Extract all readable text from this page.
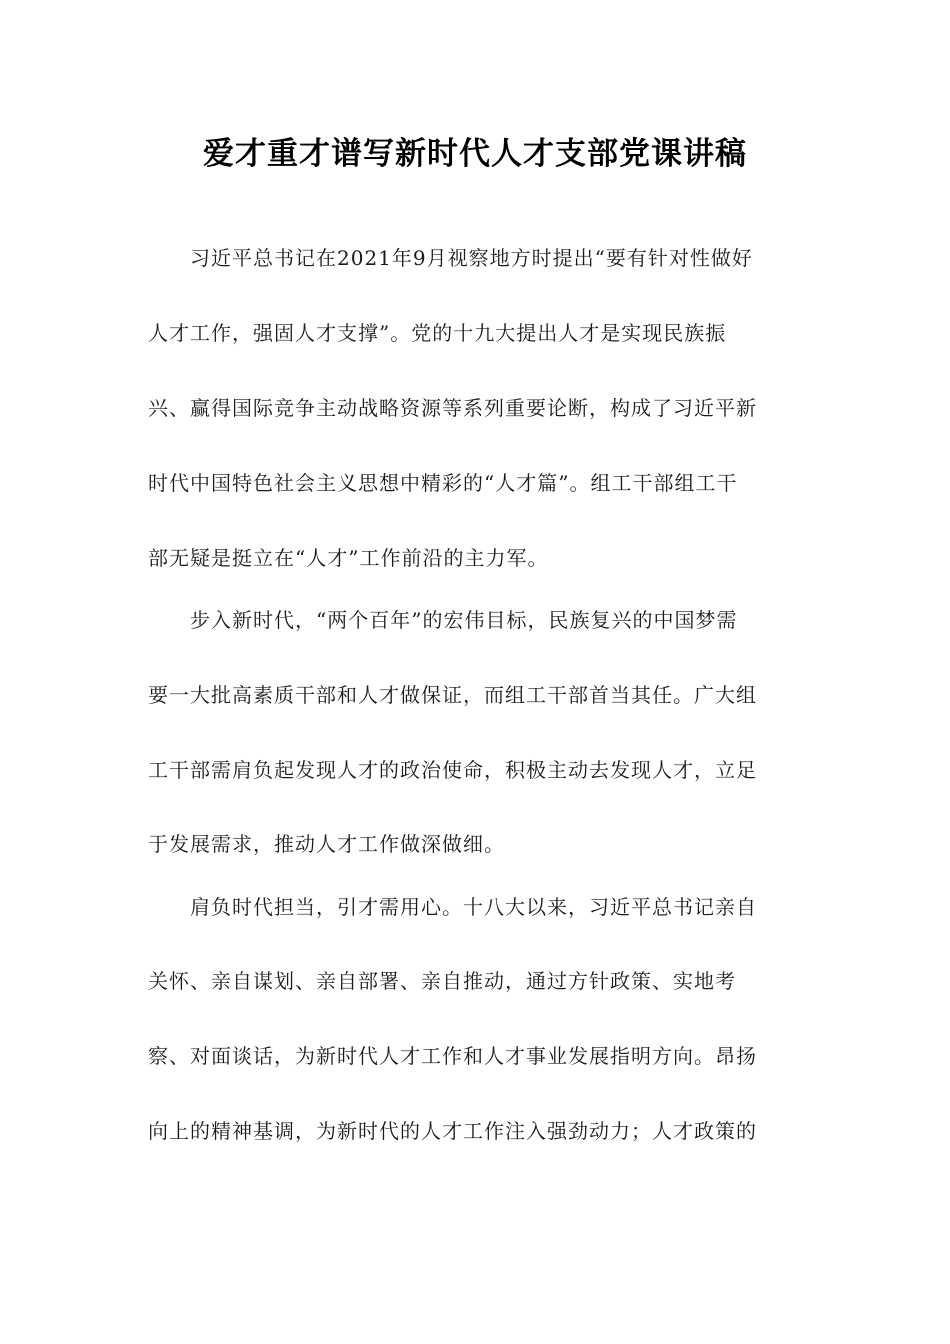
爱才重才谱写新时代人才支部党课讲稿
习近平总书记在2021年9月视察地方时提出“要有针对性做好
人才工作，强固人才支撑”。党的十九大提出人才是实现民族振
兴、赢得国际竞争主动战略资源等系列重要论断，构成了习近平新
时代中国特色社会主义思想中精彩的“人才篇”。组工干部组工干
部无疑是挺立在“人才”工作前沿的主力军。
步入新时代，“两个百年”的宏伟目标，民族复兴的中国梦需
要一大批高素质干部和人才做保证，而组工干部首当其任。广大组
工干部需肩负起发现人才的政治使命，积极主动去发现人才，立足
于发展需求，推动人才工作做深做细。
肩负时代担当，引才需用心。十八大以来，习近平总书记亲自
关怀、亲自谋划、亲自部署、亲自推动，通过方针政策、实地考
察、对面谈话，为新时代人才工作和人才事业发展指明方向。昂扬
向上的精神基调，为新时代的人才工作注入强劲动力；人才政策的
